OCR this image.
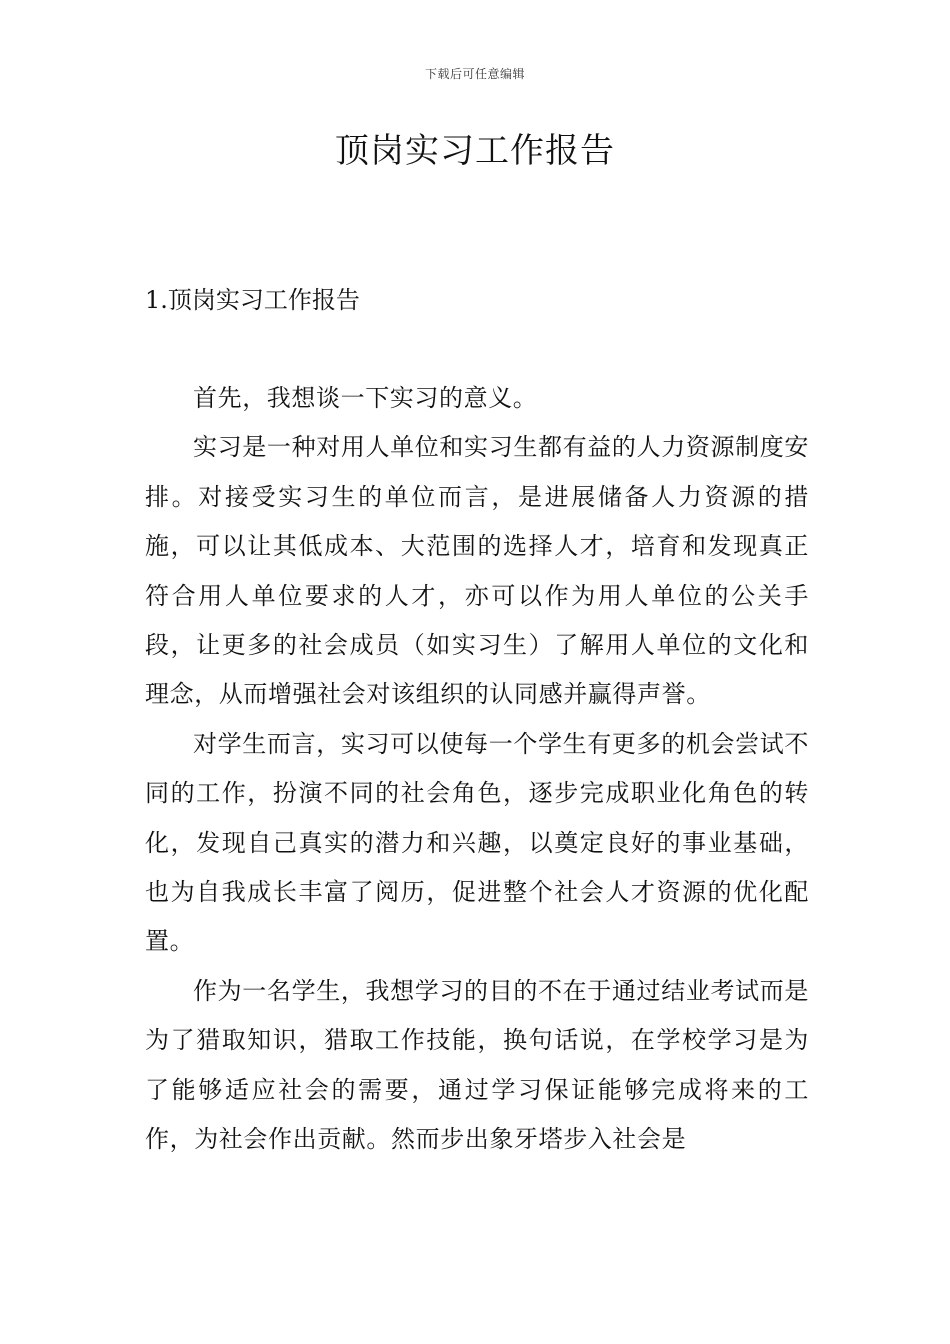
下载后可任意编辑
顶岗实习工作报告
1.顶岗实习工作报告

首先，我想谈一下实习的意义。

实习是一种对用人单位和实习生都有益的人力资源制度安排。对接受实习生的单位而言，是进展储备人力资源的措施，可以让其低成本、大范围的选择人才，培育和发现真正符合用人单位要求的人才，亦可以作为用人单位的公关手段，让更多的社会成员（如实习生）了解用人单位的文化和理念，从而增强社会对该组织的认同感并赢得声誉。

对学生而言，实习可以使每一个学生有更多的机会尝试不同的工作，扮演不同的社会角色，逐步完成职业化角色的转化，发现自己真实的潜力和兴趣，以奠定良好的事业基础，也为自我成长丰富了阅历，促进整个社会人才资源的优化配置。

作为一名学生，我想学习的目的不在于通过结业考试而是为了猎取知识，猎取工作技能，换句话说，在学校学习是为了能够适应社会的需要，通过学习保证能够完成将来的工作，为社会作出贡献。然而步出象牙塔步入社会是
